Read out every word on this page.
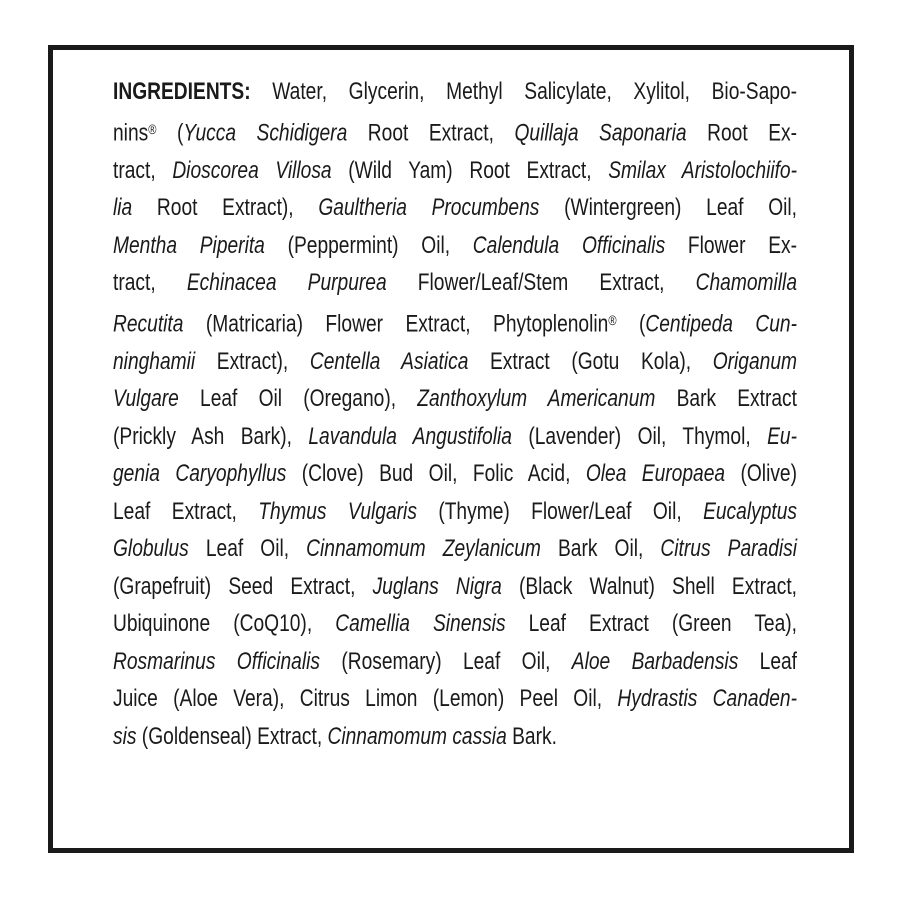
INGREDIENTS: Water, Glycerin, Methyl Salicylate, Xylitol, Bio-Sapo-
nins® (Yucca Schidigera Root Extract, Quillaja Saponaria Root Ex-
tract, Dioscorea Villosa (Wild Yam) Root Extract, Smilax Aristolochiifo-
lia Root Extract), Gaultheria Procumbens (Wintergreen) Leaf Oil,
Mentha Piperita (Peppermint) Oil, Calendula Officinalis Flower Ex-
tract, Echinacea Purpurea Flower/Leaf/Stem Extract, Chamomilla
Recutita (Matricaria) Flower Extract, Phytoplenolin® (Centipeda Cun-
ninghamii Extract), Centella Asiatica Extract (Gotu Kola), Origanum
Vulgare Leaf Oil (Oregano), Zanthoxylum Americanum Bark Extract
(Prickly Ash Bark), Lavandula Angustifolia (Lavender) Oil, Thymol, Eu-
genia Caryophyllus (Clove) Bud Oil, Folic Acid, Olea Europaea (Olive)
Leaf Extract, Thymus Vulgaris (Thyme) Flower/Leaf Oil, Eucalyptus
Globulus Leaf Oil, Cinnamomum Zeylanicum Bark Oil, Citrus Paradisi
(Grapefruit) Seed Extract, Juglans Nigra (Black Walnut) Shell Extract,
Ubiquinone (CoQ10), Camellia Sinensis Leaf Extract (Green Tea),
Rosmarinus Officinalis (Rosemary) Leaf Oil, Aloe Barbadensis Leaf
Juice (Aloe Vera), Citrus Limon (Lemon) Peel Oil, Hydrastis Canaden-
sis (Goldenseal) Extract, Cinnamomum cassia Bark.
